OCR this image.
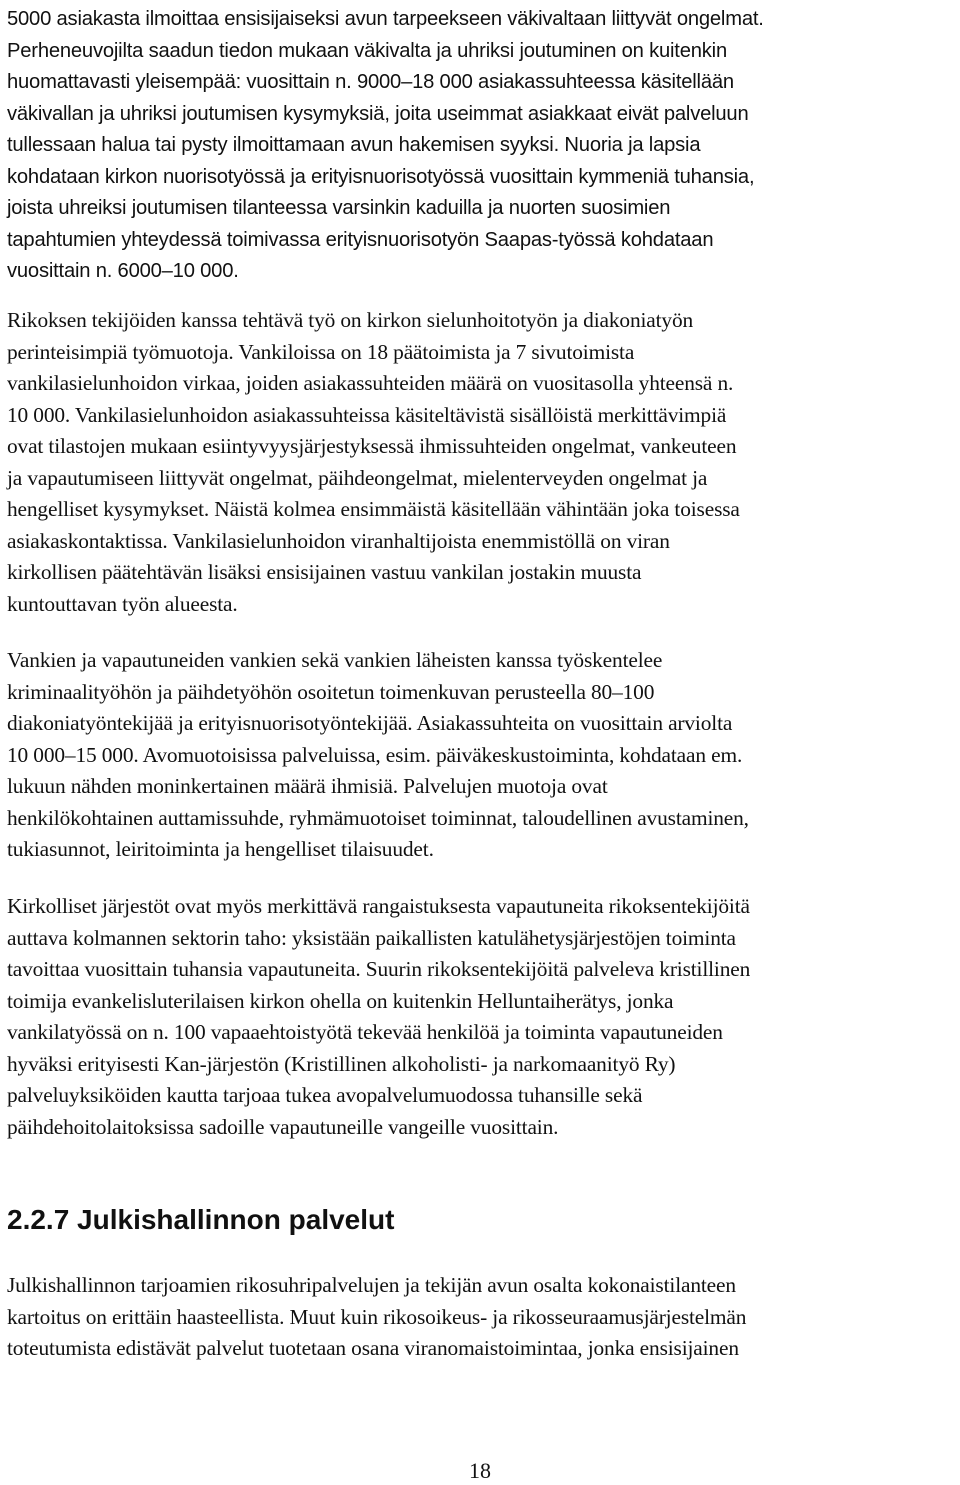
5000 asiakasta ilmoittaa ensisijaiseksi avun tarpeekseen väkivaltaan liittyvät ongelmat.
Perheneuvojilta saadun tiedon mukaan väkivalta ja uhriksi joutuminen on kuitenkin
huomattavasti yleisempää: vuosittain n. 9000–18 000 asiakassuhteessa käsitellään
väkivallan ja uhriksi joutumisen kysymyksiä, joita useimmat asiakkaat eivät palveluun
tullessaan halua tai pysty ilmoittamaan avun hakemisen syyksi. Nuoria ja lapsia
kohdataan kirkon nuorisotyössä ja erityisnuorisotyössä vuosittain kymmeniä tuhansia,
joista uhreiksi joutumisen tilanteessa varsinkin kaduilla ja nuorten suosimien
tapahtumien yhteydessä toimivassa erityisnuorisotyön Saapas-työssä kohdataan
vuosittain n. 6000–10 000.
Rikoksen tekijöiden kanssa tehtävä työ on kirkon sielunhoitotyön ja diakoniatyön
perinteisimpiä työmuotoja. Vankiloissa on 18 päätoimista ja 7 sivutoimista
vankilasielunhoidon virkaa, joiden asiakassuhteiden määrä on vuositasolla yhteensä n.
10 000. Vankilasielunhoidon asiakassuhteissa käsiteltävistä sisällöistä merkittävimpiä
ovat tilastojen mukaan esiintyvyysjärjestyksessä ihmissuhteiden ongelmat, vankeuteen
ja vapautumiseen liittyvät ongelmat, päihdeongelmat, mielenterveyden ongelmat ja
hengelliset kysymykset. Näistä kolmea ensimmäistä käsitellään vähintään joka toisessa
asiakaskontaktissa. Vankilasielunhoidon viranhaltijoista enemmistöllä on viran
kirkollisen päätehtävän lisäksi ensisijainen vastuu vankilan jostakin muusta
kuntouttavan työn alueesta.
Vankien ja vapautuneiden vankien sekä vankien läheisten kanssa työskentelee
kriminaalityöhön ja päihdetyöhön osoitetun toimenkuvan perusteella 80–100
diakoniatyöntekijää ja erityisnuorisotyöntekijää. Asiakassuhteita on vuosittain arviolta
10 000–15 000. Avomuotoisissa palveluissa, esim. päiväkeskustoiminta, kohdataan em.
lukuun nähden moninkertainen määrä ihmisiä. Palvelujen muotoja ovat
henkilökohtainen auttamissuhde, ryhmämuotoiset toiminnat, taloudellinen avustaminen,
tukiasunnot, leiritoiminta ja hengelliset tilaisuudet.
Kirkolliset järjestöt ovat myös merkittävä rangaistuksesta vapautuneita rikoksentekijöitä
auttava kolmannen sektorin taho: yksistään paikallisten katulähetysjärjestöjen toiminta
tavoittaa vuosittain tuhansia vapautuneita. Suurin rikoksentekijöitä palveleva kristillinen
toimija evankelisluterilaisen kirkon ohella on kuitenkin Helluntaiherätys, jonka
vankilatyössä on n. 100 vapaaehtoistyötä tekevää henkilöä ja toiminta vapautuneiden
hyväksi erityisesti Kan-järjestön (Kristillinen alkoholisti- ja narkomaanityö Ry)
palveluyksiköiden kautta tarjoaa tukea avopalvelumuodossa tuhansille sekä
päihdehoitolaitoksissa sadoille vapautuneille vangeille vuosittain.
2.2.7 Julkishallinnon palvelut
Julkishallinnon tarjoamien rikosuhripalvelujen ja tekijän avun osalta kokonaistilanteen
kartoitus on erittäin haasteellista. Muut kuin rikosoikeus- ja rikosseuraamusjärjestelmän
toteutumista edistävät palvelut tuotetaan osana viranomaistoimintaa, jonka ensisijainen
18
